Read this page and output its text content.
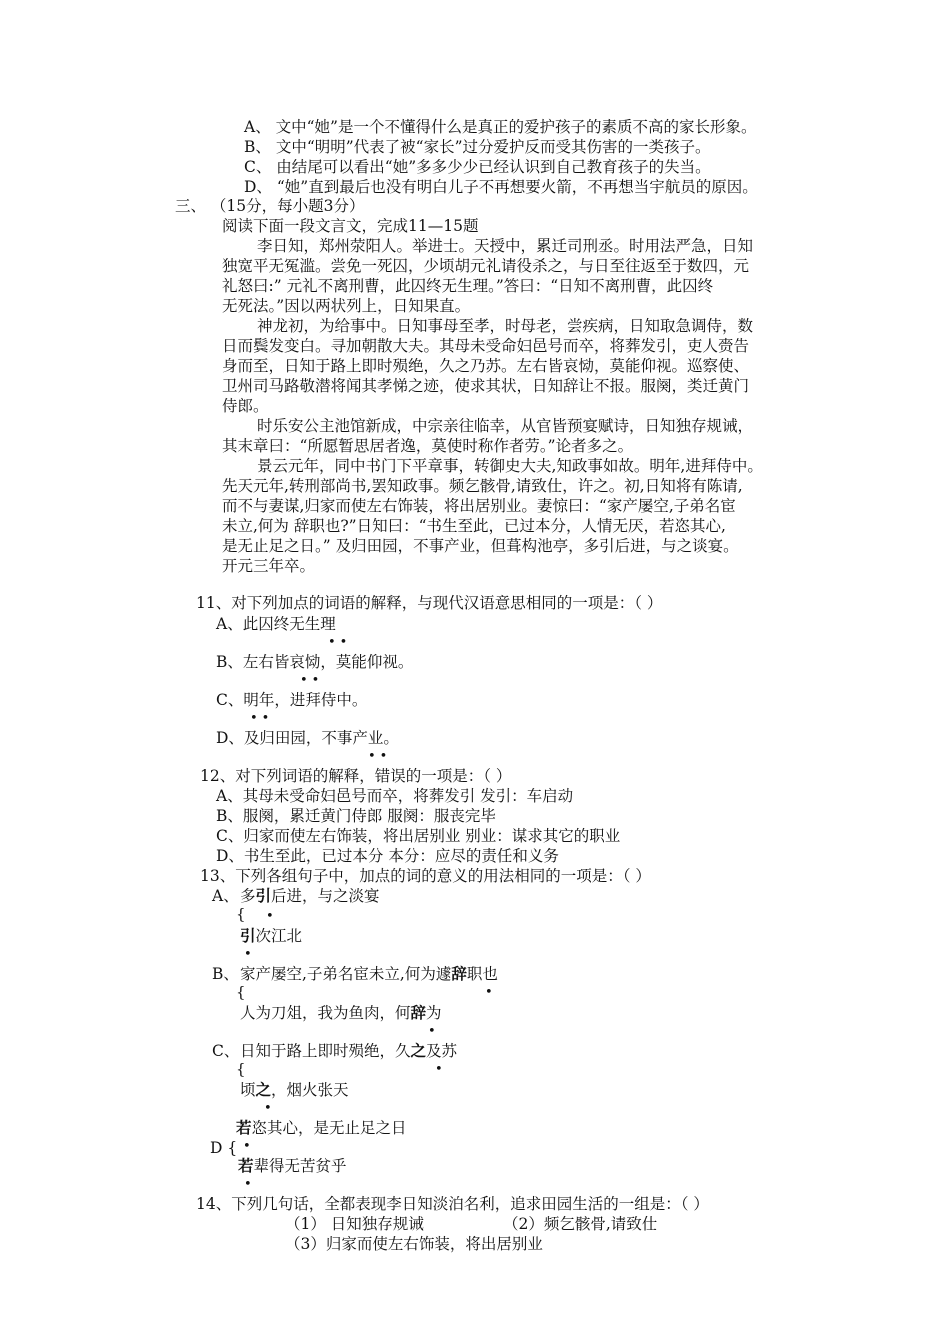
A、 文中“她”是一个不懂得什么是真正的爱护孩子的素质不高的家长形象。
B、 文中“明明”代表了被“家长”过分爱护反而受其伤害的一类孩子。
C、 由结尾可以看出“她”多多少少已经认识到自己教育孩子的失当。
D、 “她”直到最后也没有明白儿子不再想要火箭，不再想当宇航员的原因。
三、 （15分，每小题3分）
阅读下面一段文言文，完成11—15题
李日知，郑州荥阳人。举进士。天授中，累迁司刑丞。时用法严急，日知
独宽平无冤滥。尝免一死囚，少顷胡元礼请役杀之，与日至往返至于数四，元
礼怒曰:” 元礼不离刑曹，此囚终无生理。”答曰：“日知不离刑曹，此囚终
无死法。”因以两状列上，日知果直。
神龙初，为给事中。日知事母至孝，时母老，尝疾病，日知取急调侍，数
日而鬓发变白。寻加朝散大夫。其母未受命妇邑号而卒，将葬发引，吏人赍告
身而至，日知于路上即时殒绝，久之乃苏。左右皆哀恸，莫能仰视。巡察使、
卫州司马路敬潜将闻其孝悌之迹，使求其状，日知辞让不报。服阕，类迁黄门
侍郎。
时乐安公主池馆新成，中宗亲往临幸，从官皆预宴赋诗，日知独存规诫，
其末章曰：“所愿暂思居者逸，莫使时称作者劳。”论者多之。
景云元年，同中书门下平章事，转御史大夫,知政事如故。明年,进拜侍中。
先天元年,转刑部尚书,罢知政事。频乞骸骨,请致仕，许之。初,日知将有陈请,
而不与妻谋,归家而使左右饰装，将出居别业。妻惊曰：“家产屡空,子弟名宦
未立,何为 辞职也?”日知曰：“书生至此，已过本分，人情无厌，若恣其心,
是无止足之日。” 及归田园，不事产业，但葺构池亭，多引后进，与之谈宴。
开元三年卒。
11、对下列加点的词语的解释，与现代汉语意思相同的一项是：（ ）
A、此囚终无生理
••
B、左右皆哀恸，莫能仰视。
••
C、明年，进拜侍中。
••
D、及归田园，不事产业。
••
12、对下列词语的解释，错误的一项是：（ ）
A、其母未受命妇邑号而卒，将葬发引 发引：车启动
B、服阕，累迁黄门侍郎 服阕：服丧完毕
C、归家而使左右饰装，将出居别业 别业：谋求其它的职业
D、书生至此，已过本分 本分：应尽的责任和义务
13、下列各组句子中，加点的词的意义的用法相同的一项是：（ ）
A、 多引后进，与之淡宴
{ •
引次江北
•
B、 家产屡空,子弟名宦未立,何为遽辞职也
{	•
人为刀俎，我为鱼肉，何辞为
•
C、 日知于路上即时殒绝，久之及苏
{	•
顷之，烟火张天
•
若恣其心，是无止足之日
D { •
若辈得无苦贫乎
•
14、下列几句话，全都表现李日知淡泊名利，追求田园生活的一组是：（ ）
（1） 日知独存规诫	（2）频乞骸骨,请致仕
（3）归家而使左右饰装，将出居别业
